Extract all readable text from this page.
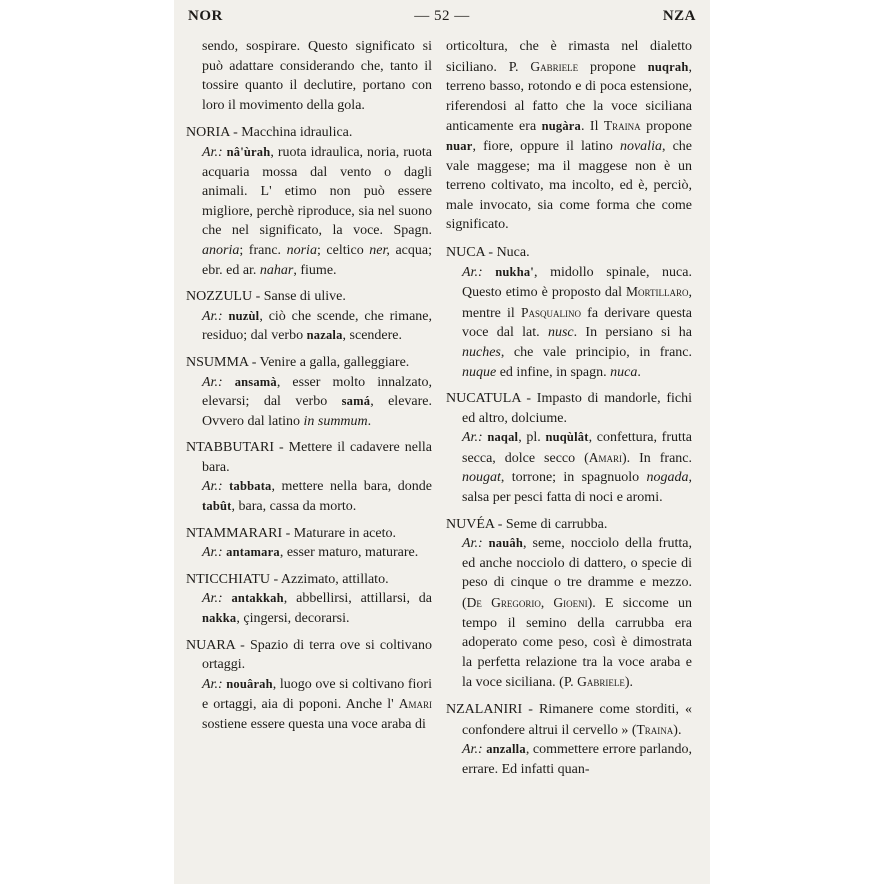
NOR	— 52 —	NZA

sendo, sospirare. Questo significato si può adattare considerando che, tanto il tossire quanto il declutire, portano con loro il movimento della gola.

NORIA - Macchina idraulica.

Ar.: nâ'ùrah, ruota idraulica, noria, ruota acquaria mossa dal vento o dagli animali. L' etimo non può essere migliore, perchè riproduce, sia nel suono che nel significato, la voce. Spagn. anoria; franc. noria; celtico ner, acqua; ebr. ed ar. nahar, fiume.

NOZZULU - Sanse di ulive.

Ar.: nuzùl, ciò che scende, che rimane, residuo; dal verbo nazala, scendere.

NSUMMA - Venire a galla, galleggiare.

Ar.: ansamà, esser molto innalzato, elevarsi; dal verbo samá, elevare. Ovvero dal latino in summum.

NTABBUTARI - Mettere il cadavere nella bara.

Ar.: tabbata, mettere nella bara, donde tabût, bara, cassa da morto.

NTAMMARARI - Maturare in aceto.

Ar.: antamara, esser maturo, maturare.

NTICCHIATU - Azzimato, attillato.

Ar.: antakkah, abbellirsi, attillarsi, da nakka, çingersi, decorarsi.

NUARA - Spazio di terra ove si coltivano ortaggi.

Ar.: nouârah, luogo ove si coltivano fiori e ortaggi, aia di poponi. Anche l' Amari sostiene essere questa una voce araba di

orticoltura, che è rimasta nel dialetto siciliano. P. Gabriele propone nuqrah, terreno basso, rotondo e di poca estensione, riferendosi al fatto che la voce siciliana anticamente era nugàra. Il Traina propone nuar, fiore, oppure il latino novalia, che vale maggese; ma il maggese non è un terreno coltivato, ma incolto, ed è, perciò, male invocato, sia come forma che come significato.

NUCA - Nuca.

Ar.: nukha', midollo spinale, nuca. Questo etimo è proposto dal Mortillaro, mentre il Pasqualino fa derivare questa voce dal lat. nusc. In persiano si ha nuches, che vale principio, in franc. nuque ed infine, in spagn. nuca.

NUCATULA - Impasto di mandorle, fichi ed altro, dolciume.

Ar.: naqal, pl. nuqùlât, confettura, frutta secca, dolce secco (Amari). In franc. nougat, torrone; in spagnuolo nogada, salsa per pesci fatta di noci e aromi.

NUVÉA - Seme di carrubba.

Ar.: nauâh, seme, nocciolo della frutta, ed anche nocciolo di dattero, o specie di peso di cinque o tre dramme e mezzo. (De Gregorio, Gioeni). E siccome un tempo il semino della carrubba era adoperato come peso, così è dimostrata la perfetta relazione tra la voce araba e la voce siciliana. (P. Gabriele).

NZALANIRI - Rimanere come storditi, « confondere altrui il cervello » (Traina).

Ar.: anzalla, commettere errore parlando, errare. Ed infatti quan-
